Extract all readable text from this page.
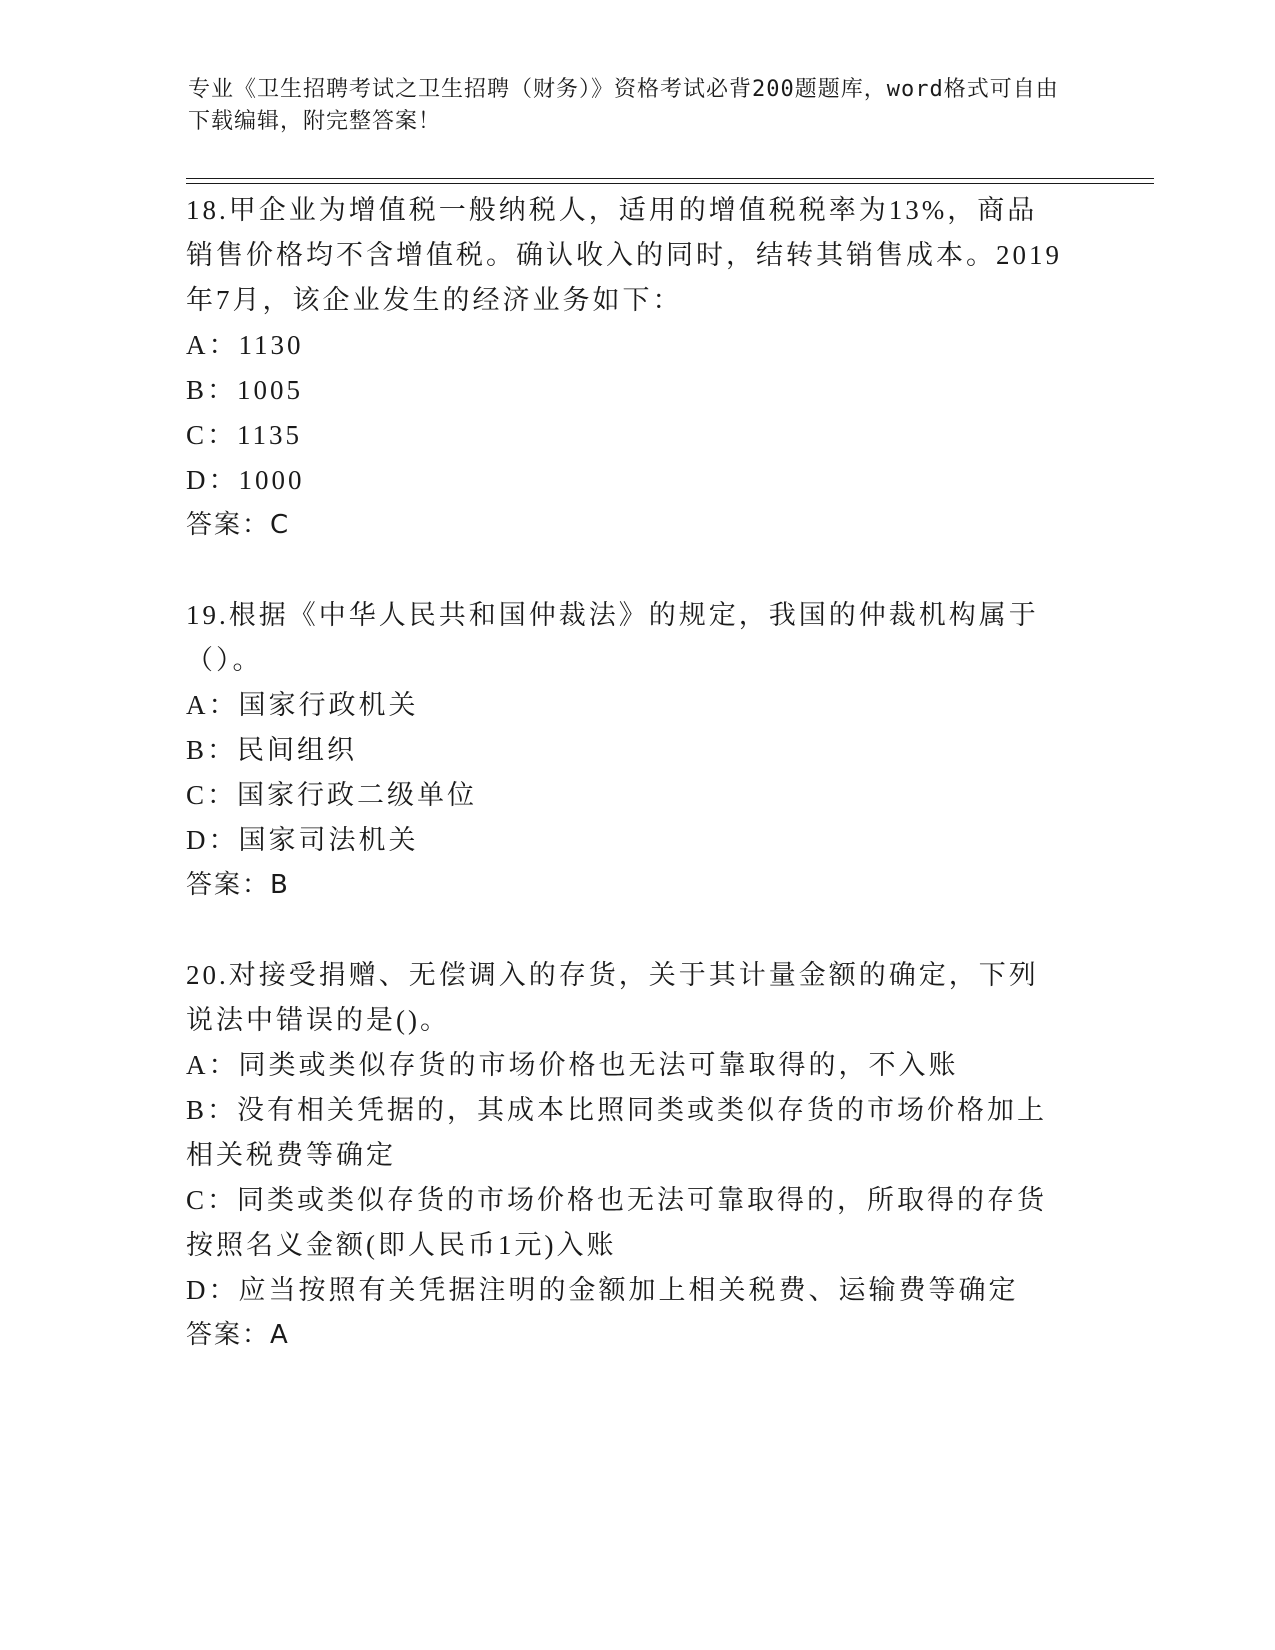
专业《卫生招聘考试之卫生招聘（财务）》资格考试必背200题题库，word格式可自由下载编辑，附完整答案！

18.甲企业为增值税一般纳税人，适用的增值税税率为13%，商品销售价格均不含增值税。确认收入的同时，结转其销售成本。2019年7月，该企业发生的经济业务如下：

A：1130

B：1005

C：1135

D：1000

答案：C

19.根据《中华人民共和国仲裁法》的规定，我国的仲裁机构属于（）。

A：国家行政机关

B：民间组织

C：国家行政二级单位

D：国家司法机关

答案：B

20.对接受捐赠、无偿调入的存货，关于其计量金额的确定，下列说法中错误的是()。

A：同类或类似存货的市场价格也无法可靠取得的，不入账

B：没有相关凭据的，其成本比照同类或类似存货的市场价格加上相关税费等确定

C：同类或类似存货的市场价格也无法可靠取得的，所取得的存货按照名义金额(即人民币1元)入账

D：应当按照有关凭据注明的金额加上相关税费、运输费等确定

答案：A
